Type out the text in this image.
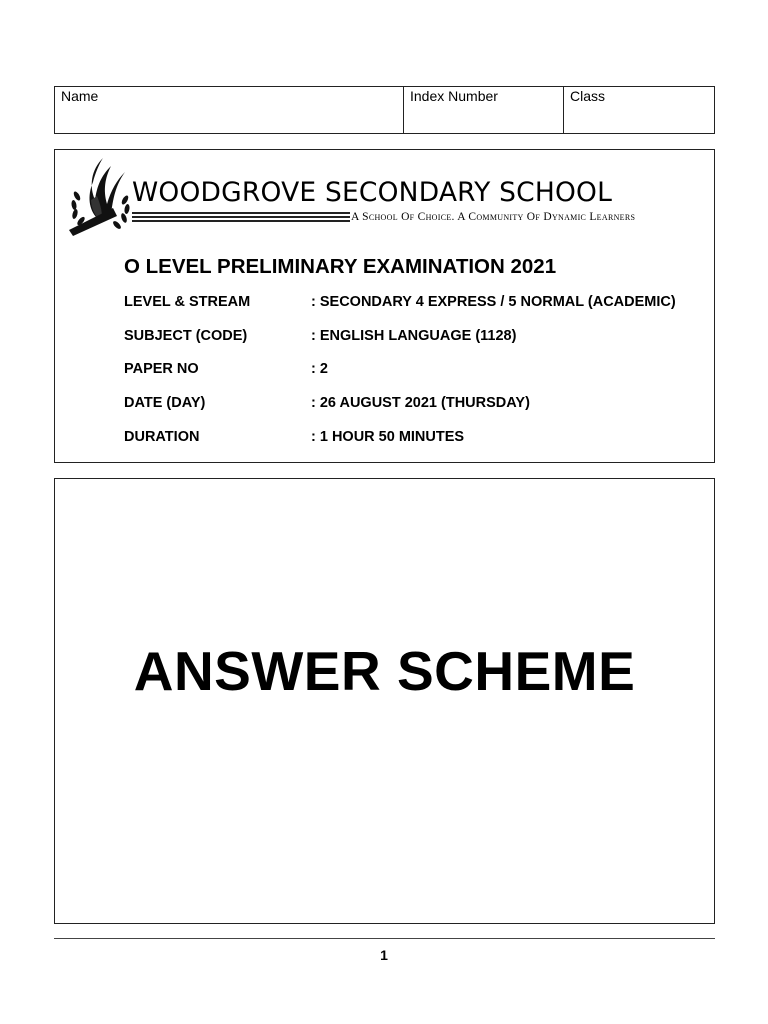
Name	Index Number	Class
WOODGROVE SECONDARY SCHOOL
A School Of Choice. A Community Of Dynamic Learners
O LEVEL PRELIMINARY EXAMINATION 2021
LEVEL & STREAM	: SECONDARY 4 EXPRESS / 5 NORMAL (ACADEMIC)
SUBJECT (CODE)	: ENGLISH LANGUAGE (1128)
PAPER NO	: 2
DATE (DAY)	: 26 AUGUST 2021 (THURSDAY)
DURATION	: 1 HOUR 50 MINUTES
ANSWER SCHEME
1
